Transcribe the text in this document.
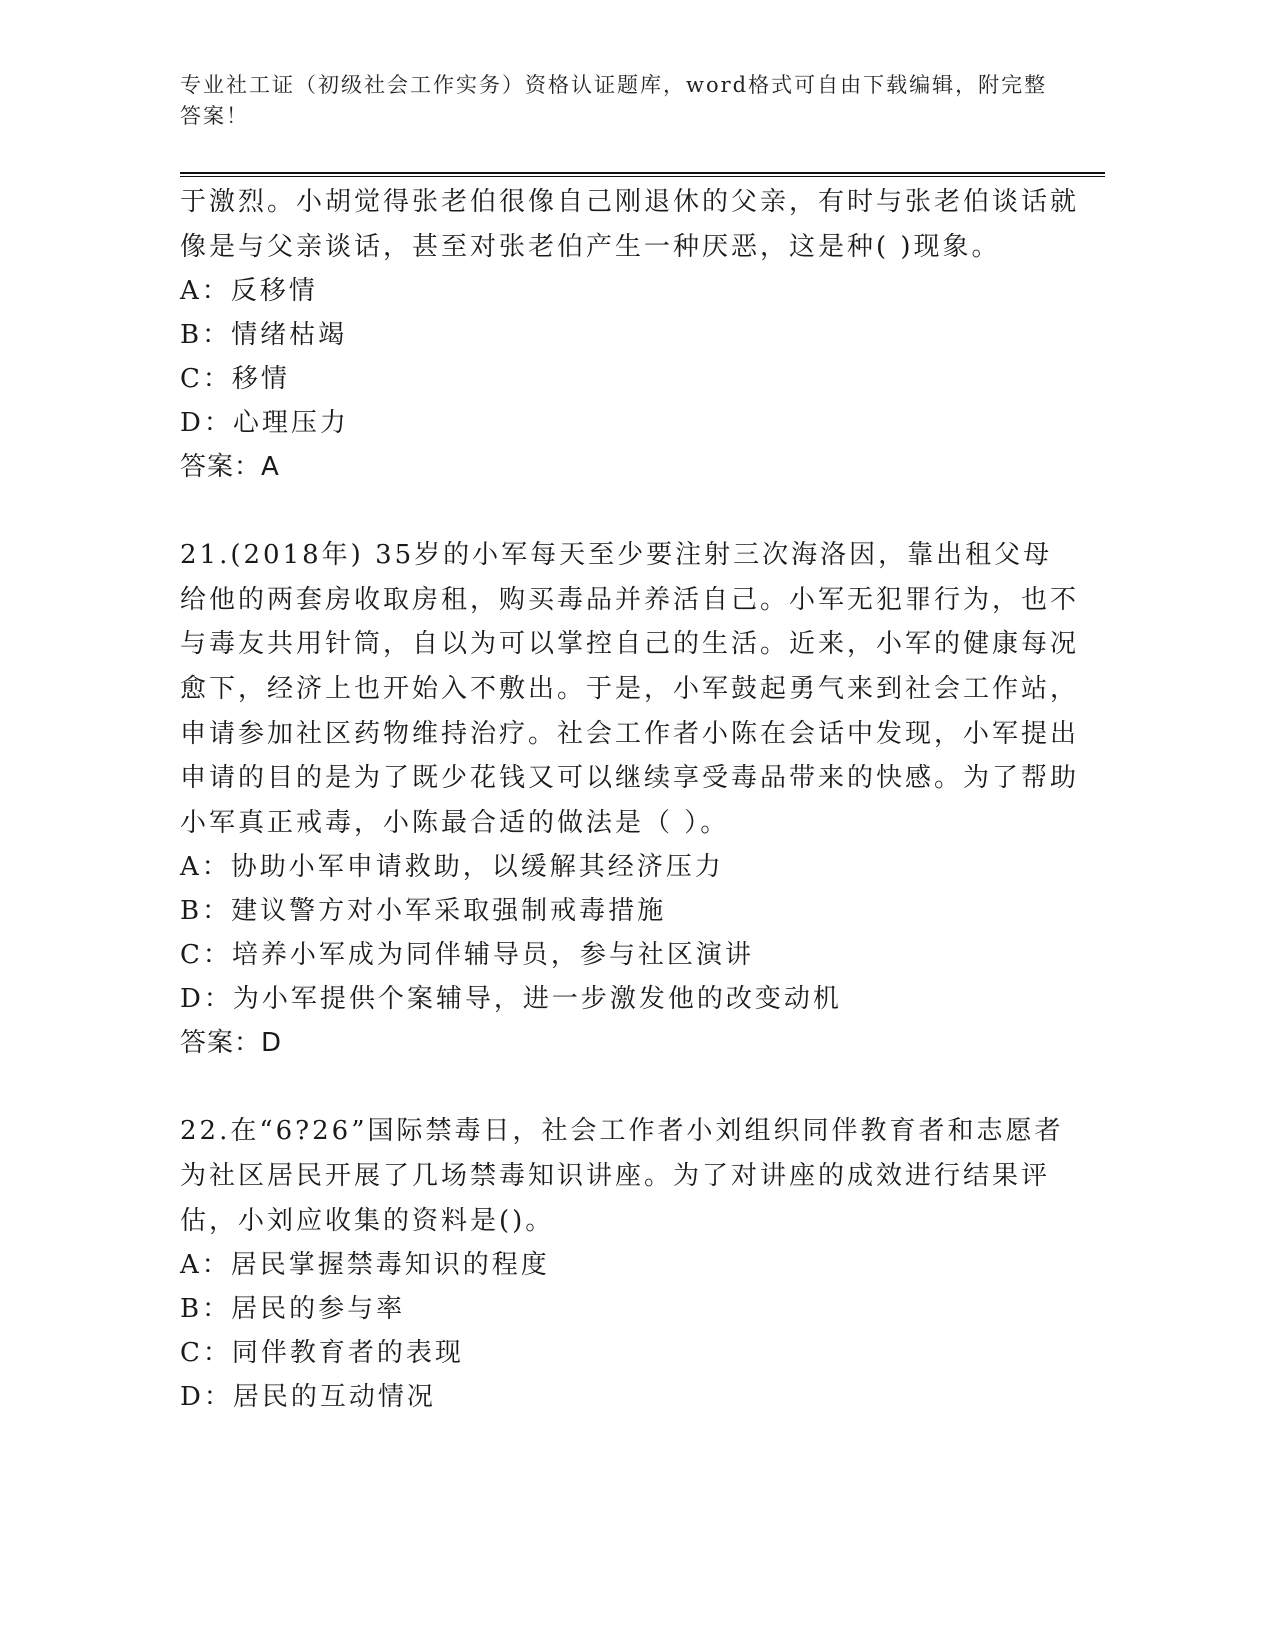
专业社工证（初级社会工作实务）资格认证题库，word格式可自由下载编辑，附完整答案！

于激烈。小胡觉得张老伯很像自己刚退休的父亲，有时与张老伯谈话就像是与父亲谈话，甚至对张老伯产生一种厌恶，这是种( )现象。

A：反移情

B：情绪枯竭

C：移情

D：心理压力

答案：A

21.(2018年) 35岁的小军每天至少要注射三次海洛因，靠出租父母给他的两套房收取房租，购买毒品并养活自己。小军无犯罪行为，也不与毒友共用针筒，自以为可以掌控自己的生活。近来，小军的健康每况愈下，经济上也开始入不敷出。于是，小军鼓起勇气来到社会工作站，申请参加社区药物维持治疗。社会工作者小陈在会话中发现，小军提出申请的目的是为了既少花钱又可以继续享受毒品带来的快感。为了帮助小军真正戒毒，小陈最合适的做法是（ ）。

A：协助小军申请救助，以缓解其经济压力

B：建议警方对小军采取强制戒毒措施

C：培养小军成为同伴辅导员，参与社区演讲

D：为小军提供个案辅导，进一步激发他的改变动机

答案：D

22.在“6?26”国际禁毒日，社会工作者小刘组织同伴教育者和志愿者为社区居民开展了几场禁毒知识讲座。为了对讲座的成效进行结果评估，小刘应收集的资料是()。

A：居民掌握禁毒知识的程度

B：居民的参与率

C：同伴教育者的表现

D：居民的互动情况
